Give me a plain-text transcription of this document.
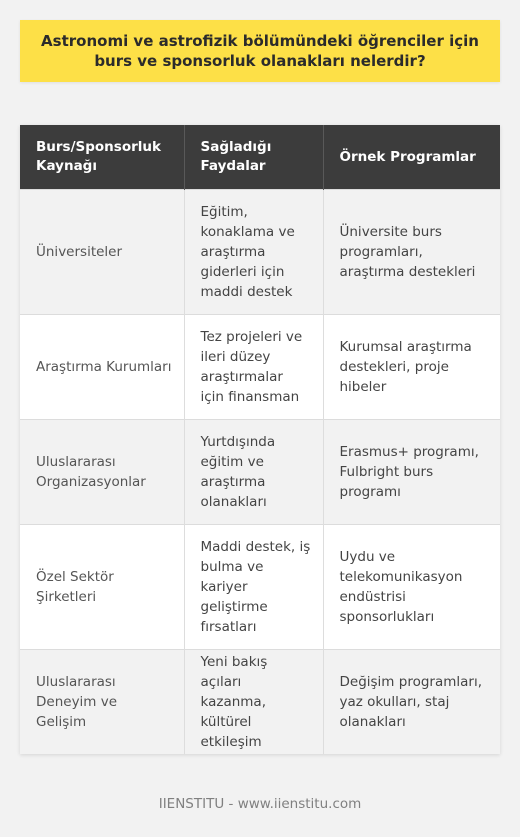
Astronomi ve astrofizik bölümündeki öğrenciler için burs ve sponsorluk olanakları nelerdir?
Burs/Sponsorluk Kaynağı	Sağladığı Faydalar	Örnek Programlar
Üniversiteler	Eğitim, konaklama ve araştırma giderleri için maddi destek	Üniversite burs programları, araştırma destekleri
Araştırma Kurumları	Tez projeleri ve ileri düzey araştırmalar için finansman	Kurumsal araştırma destekleri, proje hibeler
Uluslararası Organizasyonlar	Yurtdışında eğitim ve araştırma olanakları	Erasmus+ programı, Fulbright burs programı
Özel Sektör Şirketleri	Maddi destek, iş bulma ve kariyer geliştirme fırsatları	Uydu ve telekomunikasyon endüstrisi sponsorlukları
Uluslararası Deneyim ve Gelişim	Yeni bakış açıları kazanma, kültürel etkileşim	Değişim programları, yaz okulları, staj olanakları
IIENSTITU - www.iienstitu.com
